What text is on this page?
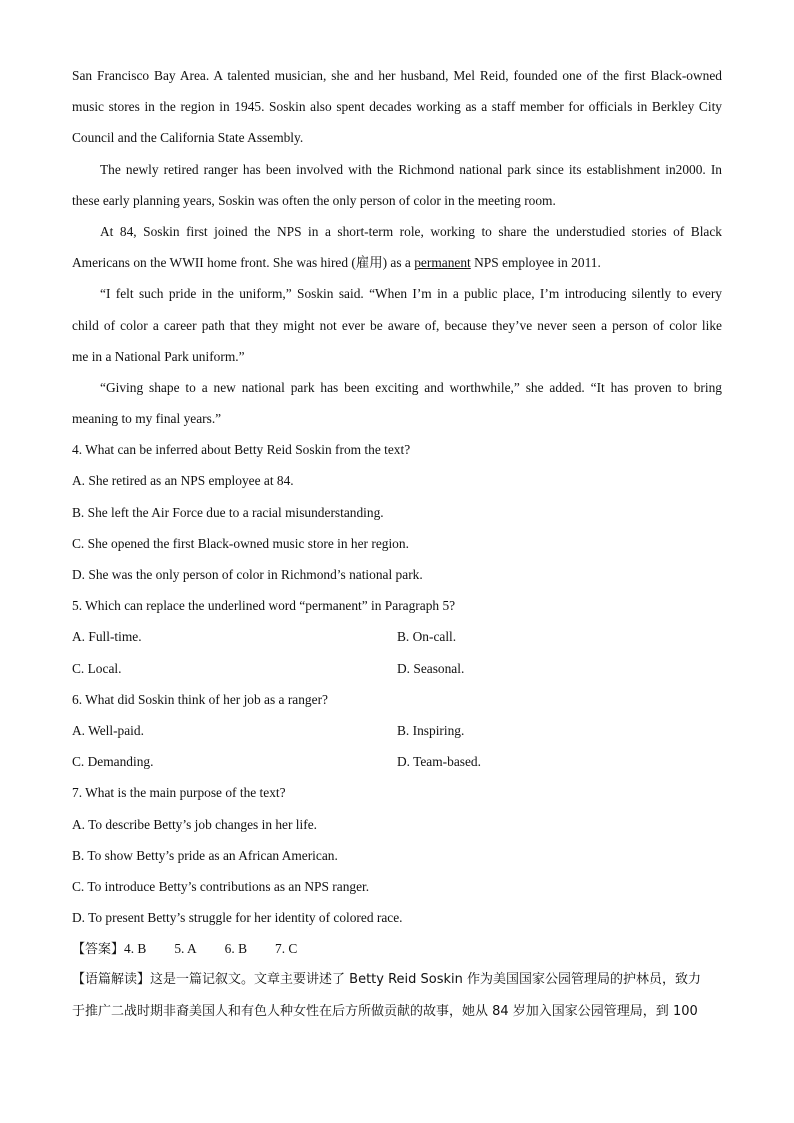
San Francisco Bay Area. A talented musician, she and her husband, Mel Reid, founded one of the first Black-owned
music stores in the region in 1945. Soskin also spent decades working as a staff member for officials in Berkley City
Council and the California State Assembly.
The newly retired ranger has been involved with the Richmond national park since its establishment in2000. In
these early planning years, Soskin was often the only person of color in the meeting room.
At 84, Soskin first joined the NPS in a short-term role, working to share the understudied stories of Black
Americans on the WWII home front. She was hired (雇用) as a permanent NPS employee in 2011.
“I felt such pride in the uniform,” Soskin said. “When I’m in a public place, I’m introducing silently to every
child of color a career path that they might not ever be aware of, because they’ve never seen a person of color like
me in a National Park uniform.”
“Giving shape to a new national park has been exciting and worthwhile,” she added. “It has proven to bring
meaning to my final years.”
4. What can be inferred about Betty Reid Soskin from the text?
A. She retired as an NPS employee at 84.
B. She left the Air Force due to a racial misunderstanding.
C. She opened the first Black-owned music store in her region.
D. She was the only person of color in Richmond’s national park.
5. Which can replace the underlined word “permanent” in Paragraph 5?
A. Full-time.	B. On-call.
C. Local.	D. Seasonal.
6. What did Soskin think of her job as a ranger?
A. Well-paid.	B. Inspiring.
C. Demanding.	D. Team-based.
7. What is the main purpose of the text?
A. To describe Betty’s job changes in her life.
B. To show Betty’s pride as an African American.
C. To introduce Betty’s contributions as an NPS ranger.
D. To present Betty’s struggle for her identity of colored race.
【答案】4. B 5. A 6. B 7. C
【语篇解读】这是一篇记叙文。文章主要讲述了 Betty Reid Soskin 作为美国国家公园管理局的护林员，致力
于推广二战时期非裔美国人和有色人种女性在后方所做贡献的故事，她从 84 岁加入国家公园管理局，到 100
